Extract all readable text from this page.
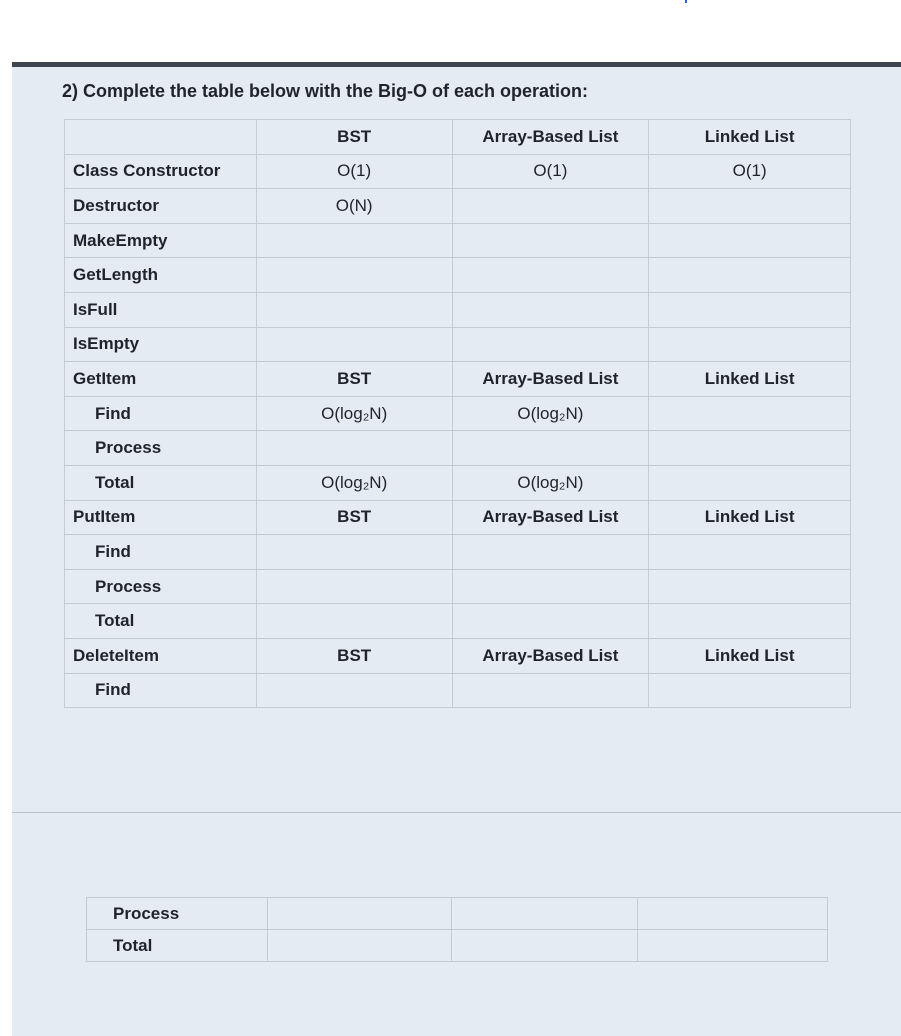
2) Complete the table below with the Big-O of each operation:
	BST	Array-Based List	Linked List
Class Constructor	O(1)	O(1)	O(1)
Destructor	O(N)		
MakeEmpty			
GetLength			
IsFull			
IsEmpty			
GetItem	BST	Array-Based List	Linked List
Find	O(log₂N)	O(log₂N)	
Process			
Total	O(log₂N)	O(log₂N)	
PutItem	BST	Array-Based List	Linked List
Find			
Process			
Total			
DeleteItem	BST	Array-Based List	Linked List
Find			
Process			
Total			
